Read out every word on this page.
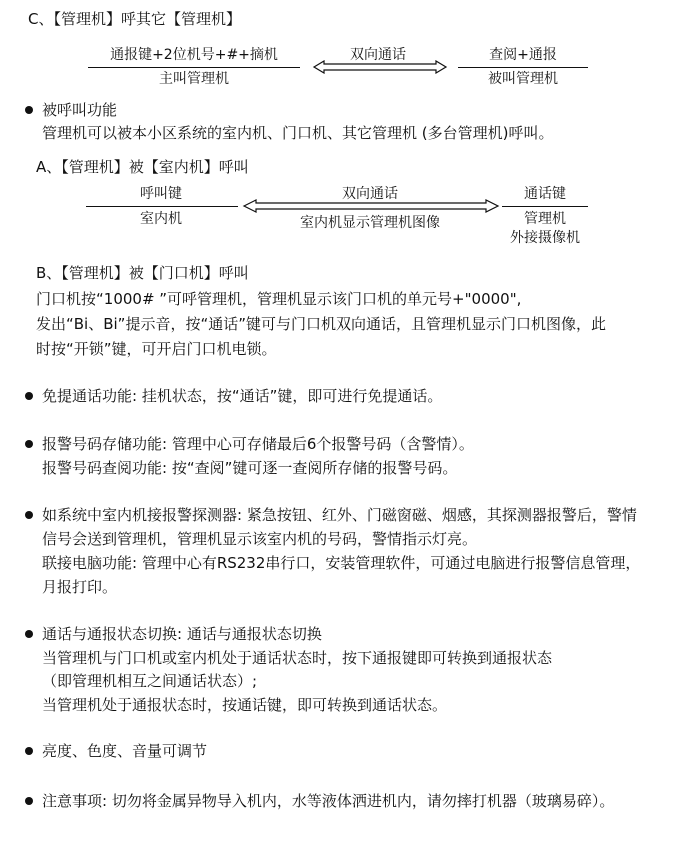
C、【管理机】呼其它【管理机】
通报键+2位机号+#+摘机
主叫管理机
双向通话	查阅+通报
被叫管理机
被呼叫功能
管理机可以被本小区系统的室内机、门口机、其它管理机 (多台管理机)呼叫。
A、【管理机】被【室内机】呼叫
呼叫键
室内机
双向通话
室内机显示管理机图像
通话键
管理机
外接摄像机
B、【管理机】被【门口机】呼叫
门口机按“1000# ”可呼管理机，管理机显示该门口机的单元号+"0000",
发出“Bi、Bi”提示音，按“通话”键可与门口机双向通话，且管理机显示门口机图像，此
时按“开锁”键，可开启门口机电锁。
免提通话功能: 挂机状态，按“通话”键，即可进行免提通话。
报警号码存储功能: 管理中心可存储最后6个报警号码（含警情）。
报警号码查阅功能: 按“查阅”键可逐一查阅所存储的报警号码。
如系统中室内机接报警探测器: 紧急按钮、红外、门磁窗磁、烟感，其探测器报警后，警情
信号会送到管理机，管理机显示该室内机的号码，警情指示灯亮。
联接电脑功能: 管理中心有RS232串行口，安装管理软件，可通过电脑进行报警信息管理，
月报打印。
通话与通报状态切换: 通话与通报状态切换
当管理机与门口机或室内机处于通话状态时，按下通报键即可转换到通报状态
（即管理机相互之间通话状态）;
当管理机处于通报状态时，按通话键，即可转换到通话状态。
亮度、色度、音量可调节
注意事项: 切勿将金属异物导入机内，水等液体洒进机内，请勿摔打机器（玻璃易碎）。
